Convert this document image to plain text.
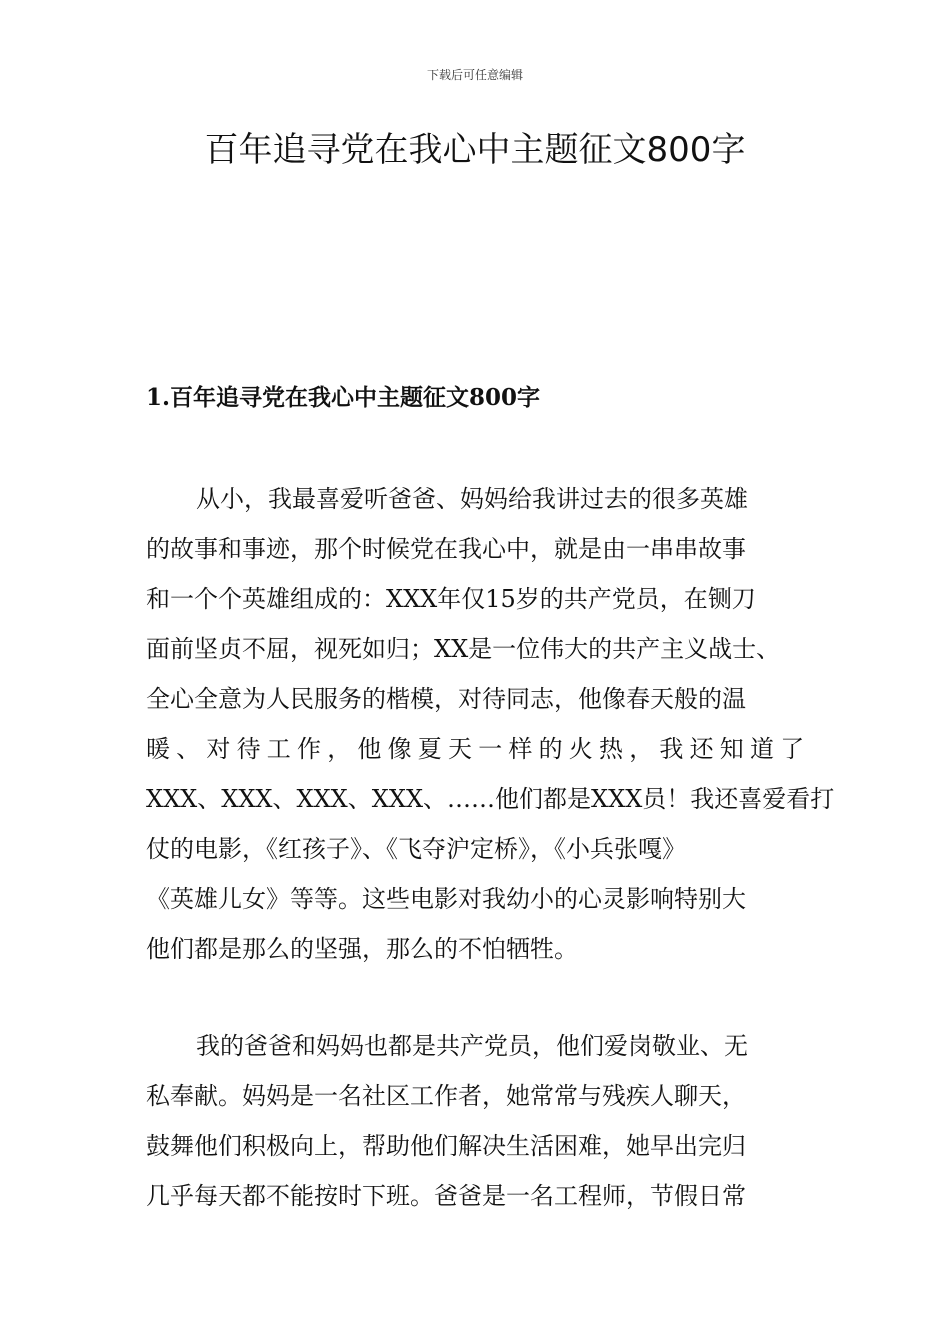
下载后可任意编辑
百年追寻党在我心中主题征文800字
1.百年追寻党在我心中主题征文800字
从小，我最喜爱听爸爸、妈妈给我讲过去的很多英雄
的故事和事迹，那个时候党在我心中，就是由一串串故事
和一个个英雄组成的：XXX年仅15岁的共产党员，在铡刀
面前坚贞不屈，视死如归；XX是一位伟大的共产主义战士、
全心全意为人民服务的楷模，对待同志，他像春天般的温
暖、对待工作，他像夏天一样的火热，我还知道了
XXX、XXX、XXX、XXX、……他们都是XXX员！我还喜爱看打
仗的电影，《红孩子》、《飞夺沪定桥》，《小兵张嘎》
《英雄儿女》等等。这些电影对我幼小的心灵影响特别大
他们都是那么的坚强，那么的不怕牺牲。
我的爸爸和妈妈也都是共产党员，他们爱岗敬业、无
私奉献。妈妈是一名社区工作者，她常常与残疾人聊天，
鼓舞他们积极向上，帮助他们解决生活困难，她早出完归
几乎每天都不能按时下班。爸爸是一名工程师，节假日常
